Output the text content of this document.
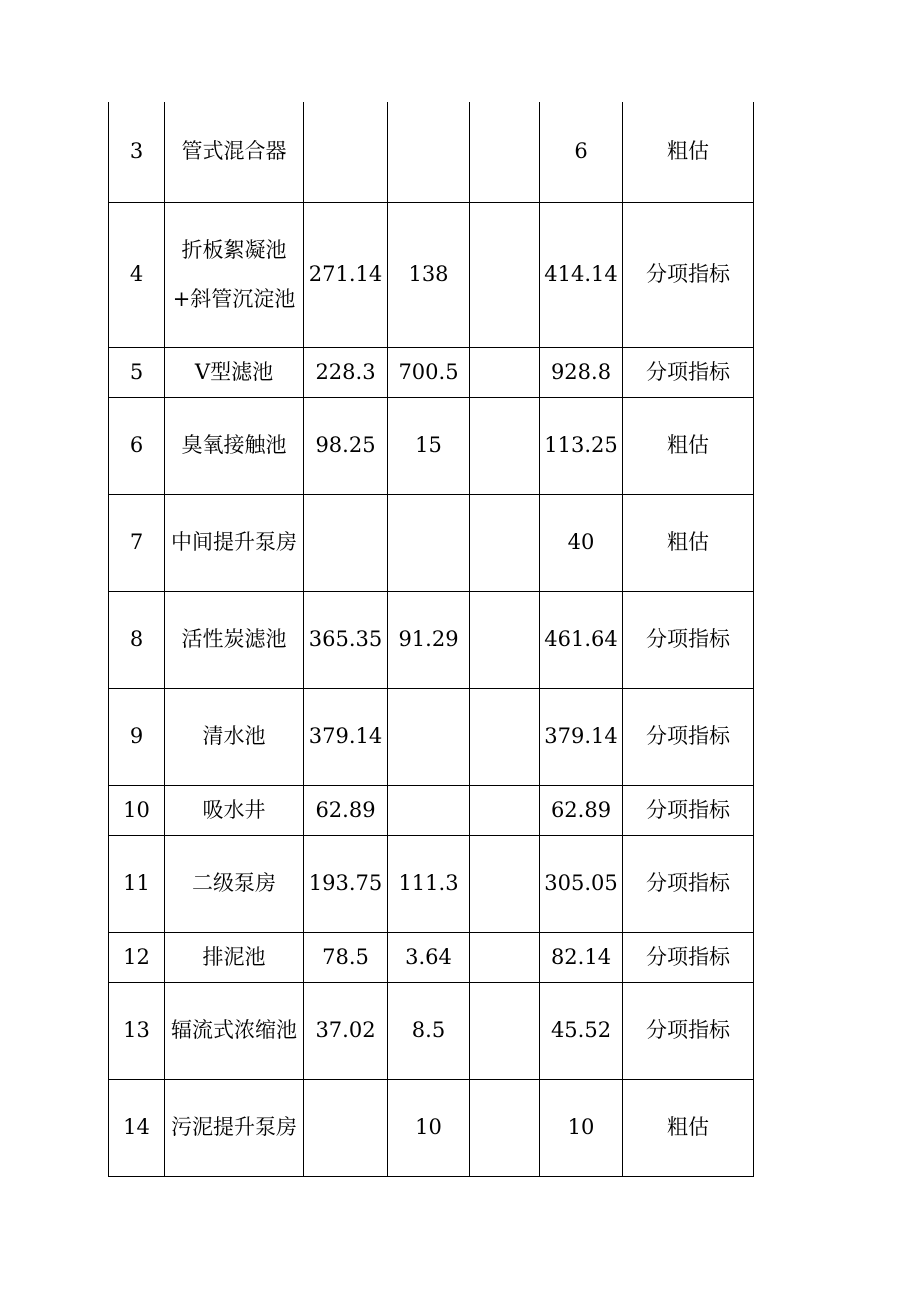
3	管式混合器				6	粗估

4	折板絮凝池+斜管沉淀池	271.14	138		414.14	分项指标

5	V型滤池	228.3	700.5		928.8	分项指标

6	臭氧接触池	98.25	15		113.25	粗估

7	中间提升泵房				40	粗估

8	活性炭滤池	365.35	91.29		461.64	分项指标

9	清水池	379.14			379.14	分项指标

10	吸水井	62.89			62.89	分项指标

11	二级泵房	193.75	111.3		305.05	分项指标

12	排泥池	78.5	3.64		82.14	分项指标

13	辐流式浓缩池	37.02	8.5		45.52	分项指标

14	污泥提升泵房		10		10	粗估
